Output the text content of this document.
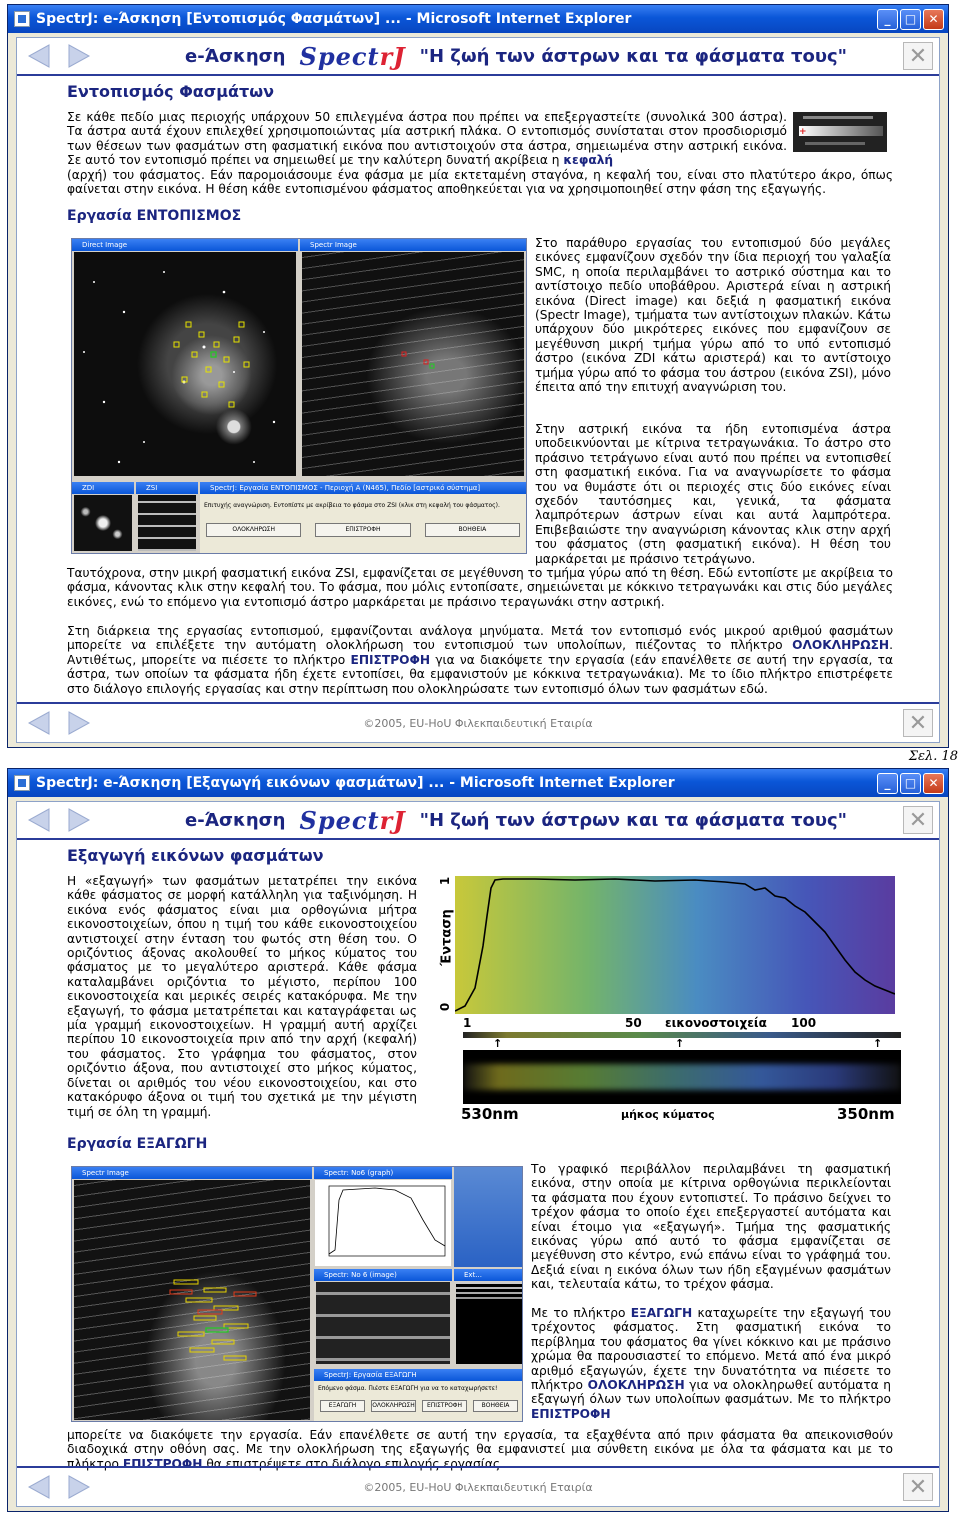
SpectrJ: e-Άσκηση [Εντοπισμός Φασμάτων] ... - Microsoft Internet Explorer	_	□	✕
e-Άσκηση SpectrJ "Η ζωή των άστρων και τα φάσματα τους"	✕
Εντοπισμός Φασμάτων
Σε κάθε πεδίο μιας περιοχής υπάρχουν 50 επιλεγμένα άστρα που πρέπει να επεξεργαστείτε (συνολικά 300 άστρα). Τα άστρα αυτά έχουν επιλεχθεί χρησιμοποιώντας μία αστρική πλάκα. Ο εντοπισμός συνίσταται στον προσδιορισμό των θέσεων των φασμάτων στη φασματική εικόνα που αντιστοιχούν στα άστρα, σημειωμένα στην αστρική εικόνα. Σε αυτό τον εντοπισμό πρέπει να σημειωθεί με την καλύτερη δυνατή ακρίβεια η κεφαλή
(αρχή) του φάσματος. Εάν παρομοιάσουμε ένα φάσμα με μία εκτεταμένη σταγόνα, η κεφαλή του, είναι στο πλατύτερο άκρο, όπως φαίνεται στην εικόνα. Η θέση κάθε εντοπισμένου φάσματος αποθηκεύεται για να χρησιμοποιηθεί στην φάση της εξαγωγής.
+
Εργασία ΕΝΤΟΠΙΣΜΟΣ
Direct Image	Spectr Image
ZDI	ZSI	SpectrJ: Εργασία ΕΝΤΟΠΙΣΜΟΣ - Περιοχή A (N465), Πεδίο [αστρικό σύστημα]
Επιτυχής αναγνώριση. Εντοπίστε με ακρίβεια το φάσμα στο ZSI (κλικ στη κεφαλή του φάσματος).
ΟΛΟΚΛΗΡΩΣΗ	ΕΠΙΣΤΡΟΦΗ	ΒΟΗΘΕΙΑ
Στο παράθυρο εργασίας του εντοπισμού δύο μεγάλες εικόνες εμφανίζουν σχεδόν την ίδια περιοχή του γαλαξία SMC, η οποία περιλαμβάνει το αστρικό σύστημα και το αντίστοιχο πεδίο υποβάθρου. Αριστερά είναι η αστρική εικόνα (Direct image) και δεξιά η φασματική εικόνα (Spectr Image), τμήματα των αντίστοιχων πλακών. Κάτω υπάρχουν δύο μικρότερες εικόνες που εμφανίζουν σε μεγέθυνση μικρή τμήμα γύρω από το υπό εντοπισμό άστρο (εικόνα ZDI κάτω αριστερά) και το αντίστοιχο τμήμα γύρω από το φάσμα του άστρου (εικόνα ZSI), μόνο έπειτα από την επιτυχή αναγνώριση του.
Στην αστρική εικόνα τα ήδη εντοπισμένα άστρα υποδεικνύονται με κίτρινα τετραγωνάκια. Το άστρο στο πράσινο τετράγωνο είναι αυτό που πρέπει να εντοπισθεί στη φασματική εικόνα. Για να αναγνωρίσετε το φάσμα του να θυμάστε ότι οι περιοχές στις δύο εικόνες είναι σχεδόν ταυτόσημες και, γενικά, τα φάσματα λαμπρότερων άστρων είναι και αυτά λαμπρότερα. Επιβεβαιώστε την αναγνώριση κάνοντας κλικ στην αρχή του φάσματος (στη φασματική εικόνα). Η θέση του μαρκάρεται με πράσινο τετράγωνο.
Ταυτόχρονα, στην μικρή φασματική εικόνα ZSI, εμφανίζεται σε μεγέθυνση το τμήμα γύρω από τη θέση. Εδώ εντοπίστε με ακρίβεια το φάσμα, κάνοντας κλικ στην κεφαλή του. Το φάσμα, που μόλις εντοπίσατε, σημειώνεται με κόκκινο τετραγωνάκι και στις δύο μεγάλες εικόνες, ενώ το επόμενο για εντοπισμό άστρο μαρκάρεται με πράσινο τεραγωνάκι στην αστρική.
Στη διάρκεια της εργασίας εντοπισμού, εμφανίζονται ανάλογα μηνύματα. Μετά τον εντοπισμό ενός μικρού αριθμού φασμάτων μπορείτε να επιλέξετε την αυτόματη ολοκλήρωση του εντοπισμού των υπολοίπων, πιέζοντας το πλήκτρο ΟΛΟΚΛΗΡΩΣΗ. Αντιθέτως, μπορείτε να πιέσετε το πλήκτρο ΕΠΙΣΤΡΟΦΗ για να διακόψετε την εργασία (εάν επανέλθετε σε αυτή την εργασία, τα άστρα, των οποίων τα φάσματα ήδη έχετε εντοπίσει, θα εμφανιστούν με κόκκινα τετραγωνάκια). Με το ίδιο πλήκτρο επιστρέφετε στο διάλογο επιλογής εργασίας και στην περίπτωση που ολοκληρώσατε των εντοπισμό όλων των φασμάτων εδώ.
©2005, EU-HoU Φιλεκπαιδευτική Εταιρία	✕
Σελ. 18
SpectrJ: e-Άσκηση [Εξαγωγή εικόνων φασμάτων] ... - Microsoft Internet Explorer	_	□	✕
e-Άσκηση SpectrJ "Η ζωή των άστρων και τα φάσματα τους"	✕
Εξαγωγή εικόνων φασμάτων
Η «εξαγωγή» των φασμάτων μετατρέπει την εικόνα κάθε φάσματος σε μορφή κατάλληλη για ταξινόμηση. Η εικόνα ενός φάσματος είναι μια ορθογώνια μήτρα εικονοστοιχείων, όπου η τιμή του κάθε εικονοστοιχείου αντιστοιχεί στην ένταση του φωτός στη θέση του. Ο οριζόντιος άξονας ακολουθεί το μήκος κύματος του φάσματος με το μεγαλύτερο αριστερά. Κάθε φάσμα καταλαμβάνει οριζόντια το μέγιστο, περίπου 100 εικονοστοιχεία και μερικές σειρές κατακόρυφα. Με την εξαγωγή, το φάσμα μετατρέπεται και καταγράφεται ως μία γραμμή εικονοστοιχείων. Η γραμμή αυτή αρχίζει περίπου 10 εικονοστοιχεία πριν από την αρχή (κεφαλή) του φάσματος. Στο γράφημα του φάσματος, στον οριζόντιο άξονα, που αντιστοιχεί στο μήκος κύματος, δίνεται οι αριθμός του νέου εικονοστοιχείου, και στο κατακόρυφο άξονα οι τιμή του σχετικά με την μέγιστη τιμή σε όλη τη γραμμή.
Ένταση
1
0
1	50 εικονοστοιχεία 100
↑	↑	↑
530nm	μήκος κύματος	350nm
Εργασία ΕΞΑΓΩΓΗ
Spectr Image	Spectr: No6 (graph)
Spectr: No 6 (image)	Ext...
SpectrJ: Εργασία ΕΞΑΓΩΓΗ
Επόμενο φάσμα. Πιέστε ΕΞΑΓΩΓΗ για να το καταχωρήσετε!
ΕΞΑΓΩΓΗ	ΟΛΟΚΛΗΡΩΣΗ	ΕΠΙΣΤΡΟΦΗ	ΒΟΗΘΕΙΑ
Το γραφικό περιβάλλον περιλαμβάνει τη φασματική εικόνα, στην οποία με κίτρινα ορθογώνια περικλείονται τα φάσματα που έχουν εντοπιστεί. Το πράσινο δείχνει το τρέχον φάσμα το οποίο έχει επεξεργαστεί αυτόματα και είναι έτοιμο για «εξαγωγή». Τμήμα της φασματικής εικόνας γύρω από αυτό το φάσμα εμφανίζεται σε μεγέθυνση στο κέντρο, ενώ επάνω είναι το γράφημά του. Δεξιά είναι η εικόνα όλων των ήδη εξαγμένων φασμάτων και, τελευταία κάτω, το τρέχον φάσμα.
Με το πλήκτρο ΕΞΑΓΩΓΗ καταχωρείτε την εξαγωγή του τρέχοντος φάσματος. Στη φασματική εικόνα το περίβλημα του φάσματος θα γίνει κόκκινο και με πράσινο χρώμα θα παρουσιαστεί το επόμενο. Μετά από ένα μικρό αριθμό εξαγωγών, έχετε την δυνατότητα να πιέσετε το πλήκτρο ΟΛΟΚΛΗΡΩΣΗ για να ολοκληρωθεί αυτόματα η εξαγωγή όλων των υπολοίπων φασμάτων. Με το πλήκτρο ΕΠΙΣΤΡΟΦΗ
μπορείτε να διακόψετε την εργασία. Εάν επανέλθετε σε αυτή την εργασία, τα εξαχθέντα από πριν φάσματα θα απεικονισθούν διαδοχικά στην οθόνη σας. Με την ολοκλήρωση της εξαγωγής θα εμφανιστεί μια σύνθετη εικόνα με όλα τα φάσματα και με το πλήκτρο ΕΠΙΣΤΡΟΦΗ θα επιστρέψετε στο διάλογο επιλογής εργασίας.
©2005, EU-HoU Φιλεκπαιδευτική Εταιρία	✕
